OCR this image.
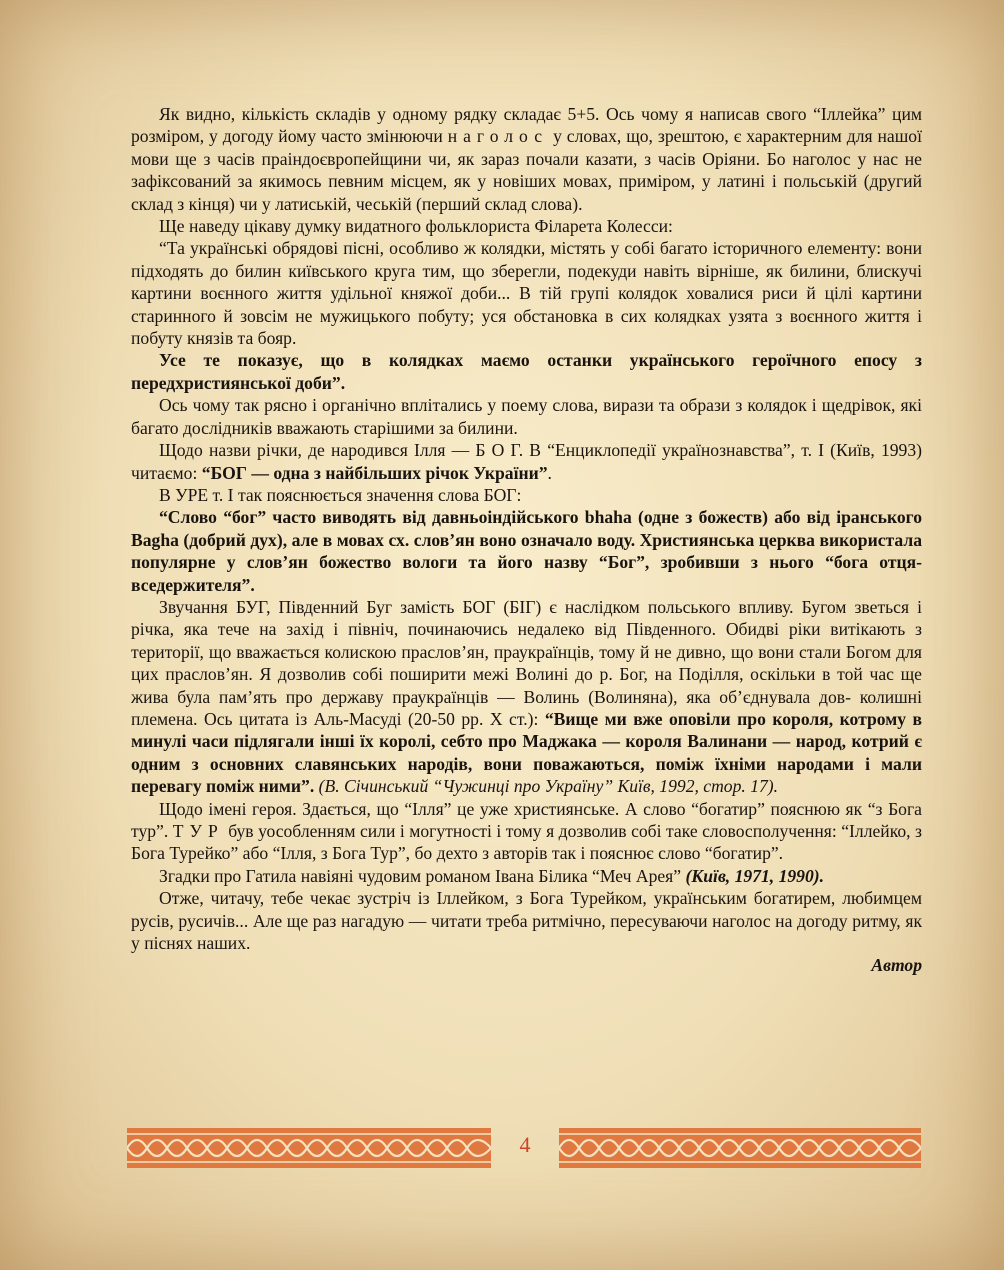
Як видно, кількість складів у одному рядку складає 5+5. Ось чому я написав свого “Іллейка” цим розміром, у догоду йому часто змінюючи наголос у словах, що, зрештою, є характерним для нашої мови ще з часів праіндоєвропейщини чи, як зараз почали казати, з часів Оріяни. Бо наголос у нас не зафіксований за якимось певним місцем, як у новіших мовах, приміром, у латині і польській (другий склад з кінця) чи у латиській, чеській (перший склад слова).

Ще наведу цікаву думку видатного фольклориста Філарета Колесси:

“Та українські обрядові пісні, особливо ж колядки, містять у собі багато історичного елементу: вони підходять до билин київського круга тим, що зберегли, подекуди навіть вірніше, як билини, блискучі картини воєнного життя удільної княжої доби... В тій групі колядок ховалися риси й цілі картини старинного й зовсім не мужицького побуту; уся обстановка в сих колядках узята з воєнного життя і побуту князів та бояр.

Усе те показує, що в колядках маємо останки українського героїчного епосу з передхристиянської доби”.

Ось чому так рясно і органічно вплітались у поему слова, вирази та образи з колядок і щедрівок, які багато дослідників вважають старішими за билини.

Щодо назви річки, де народився Ілля — Б О Г. В “Енциклопедії українознавства”, т. І (Київ, 1993) читаємо: “БОГ — одна з найбільших річок України”.

В УРЕ т. І так пояснюється значення слова БОГ:

“Слово “бог” часто виводять від давньоіндійського bhaha (одне з божеств) або від іранського Bagha (добрий дух), але в мовах сх. слов’ян воно означало воду. Християнська церква використала популярне у слов’ян божество вологи та його назву “Бог”, зробивши з нього “бога отця-вседержителя”.

Звучання БУГ, Південний Буг замість БОГ (БІГ) є наслідком польського впливу. Бугом зветься і річка, яка тече на захід і північ, починаючись недалеко від Південного. Обидві ріки витікають з території, що вважається колискою праслов’ян, праукраїнців, тому й не дивно, що вони стали Богом для цих праслов’ян. Я дозволив собі поширити межі Волині до р. Бог, на Поділля, оскільки в той час ще жива була пам’ять про державу праукраїнців — Волинь (Волиняна), яка об’єднувала дов- колишні племена. Ось цитата із Аль-Масуді (20-50 рр. Х ст.): “Вище ми вже оповіли про короля, котрому в минулі часи підлягали інші їх королі, себто про Маджака — короля Валинани — народ, котрий є одним з основних славянських народів, вони поважаються, поміж їхніми народами і мали перевагу поміж ними”. (В. Січинський “Чужинці про Україну” Київ, 1992, стор. 17).

Щодо імені героя. Здається, що “Ілля” це уже християнське. А слово “богатир” пояснюю як “з Бога тур”. ТУР був уособленням сили і могутності і тому я дозволив собі таке словосполучення: “Іллейко, з Бога Турейко” або “Ілля, з Бога Тур”, бо дехто з авторів так і пояснює слово “богатир”.

Згадки про Гатила навіяні чудовим романом Івана Білика “Меч Арея” (Київ, 1971, 1990).

Отже, читачу, тебе чекає зустріч із Іллейком, з Бога Турейком, українським богатирем, любимцем русів, русичів... Але ще раз нагадую — читати треба ритмічно, пересуваючи наголос на догоду ритму, як у піснях наших.

Автор

4
